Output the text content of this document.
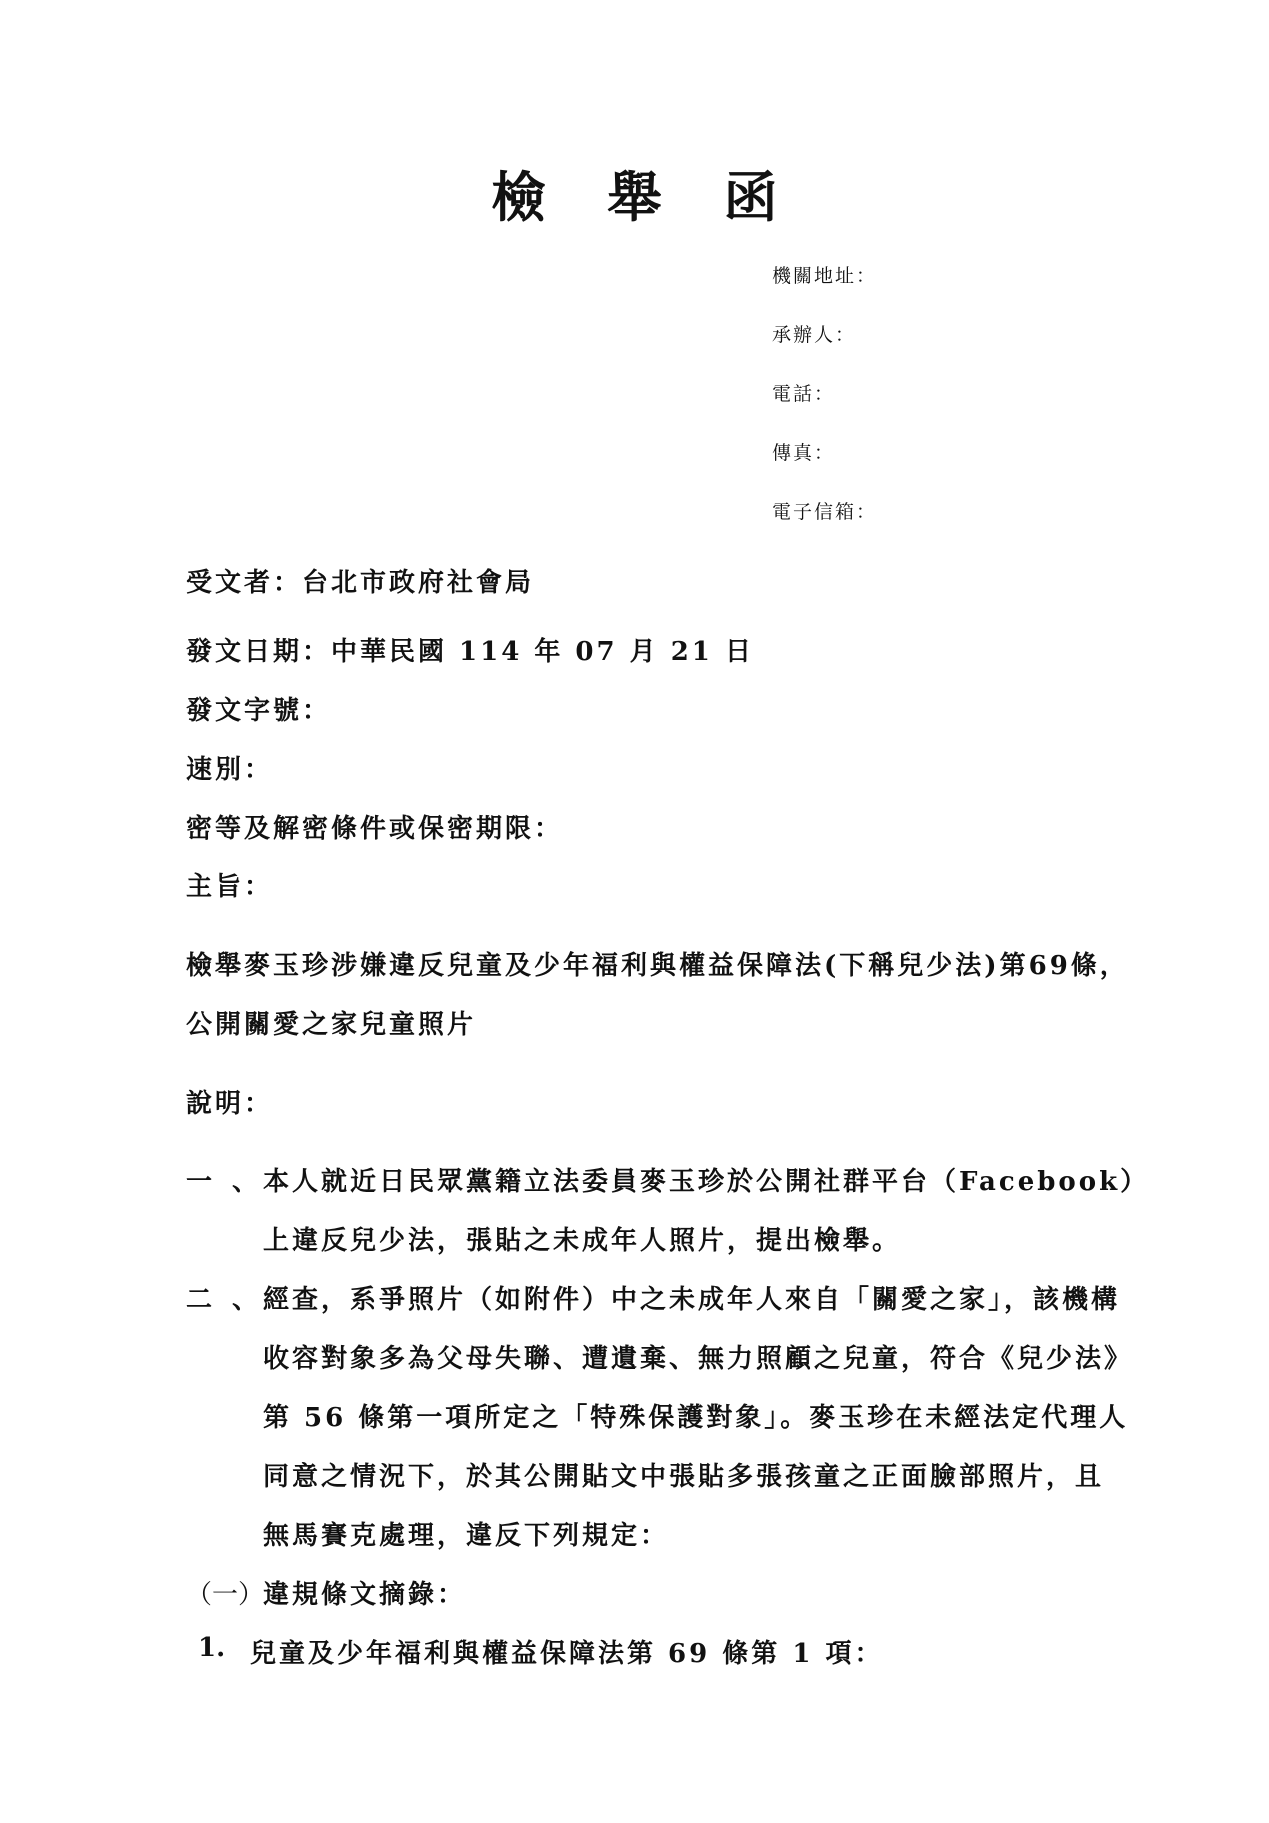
檢 舉 函
機關地址：
承辦人：
電話：
傳真：
電子信箱：
受文者：台北市政府社會局
發文日期：中華民國 114 年 07 月 21 日
發文字號：
速別：
密等及解密條件或保密期限：
主旨：
檢舉麥玉珍涉嫌違反兒童及少年福利與權益保障法(下稱兒少法)第69條，
公開關愛之家兒童照片
說明：
一、
本人就近日民眾黨籍立法委員麥玉珍於公開社群平台（Facebook）
上違反兒少法，張貼之未成年人照片，提出檢舉。
二、
經查，系爭照片（如附件）中之未成年人來自「關愛之家」，該機構
收容對象多為父母失聯、遭遺棄、無力照顧之兒童，符合《兒少法》
第 56 條第一項所定之「特殊保護對象」。麥玉珍在未經法定代理人
同意之情況下，於其公開貼文中張貼多張孩童之正面臉部照片，且
無馬賽克處理，違反下列規定：
（一）
違規條文摘錄：
1. 兒童及少年福利與權益保障法第 69 條第 1 項：
